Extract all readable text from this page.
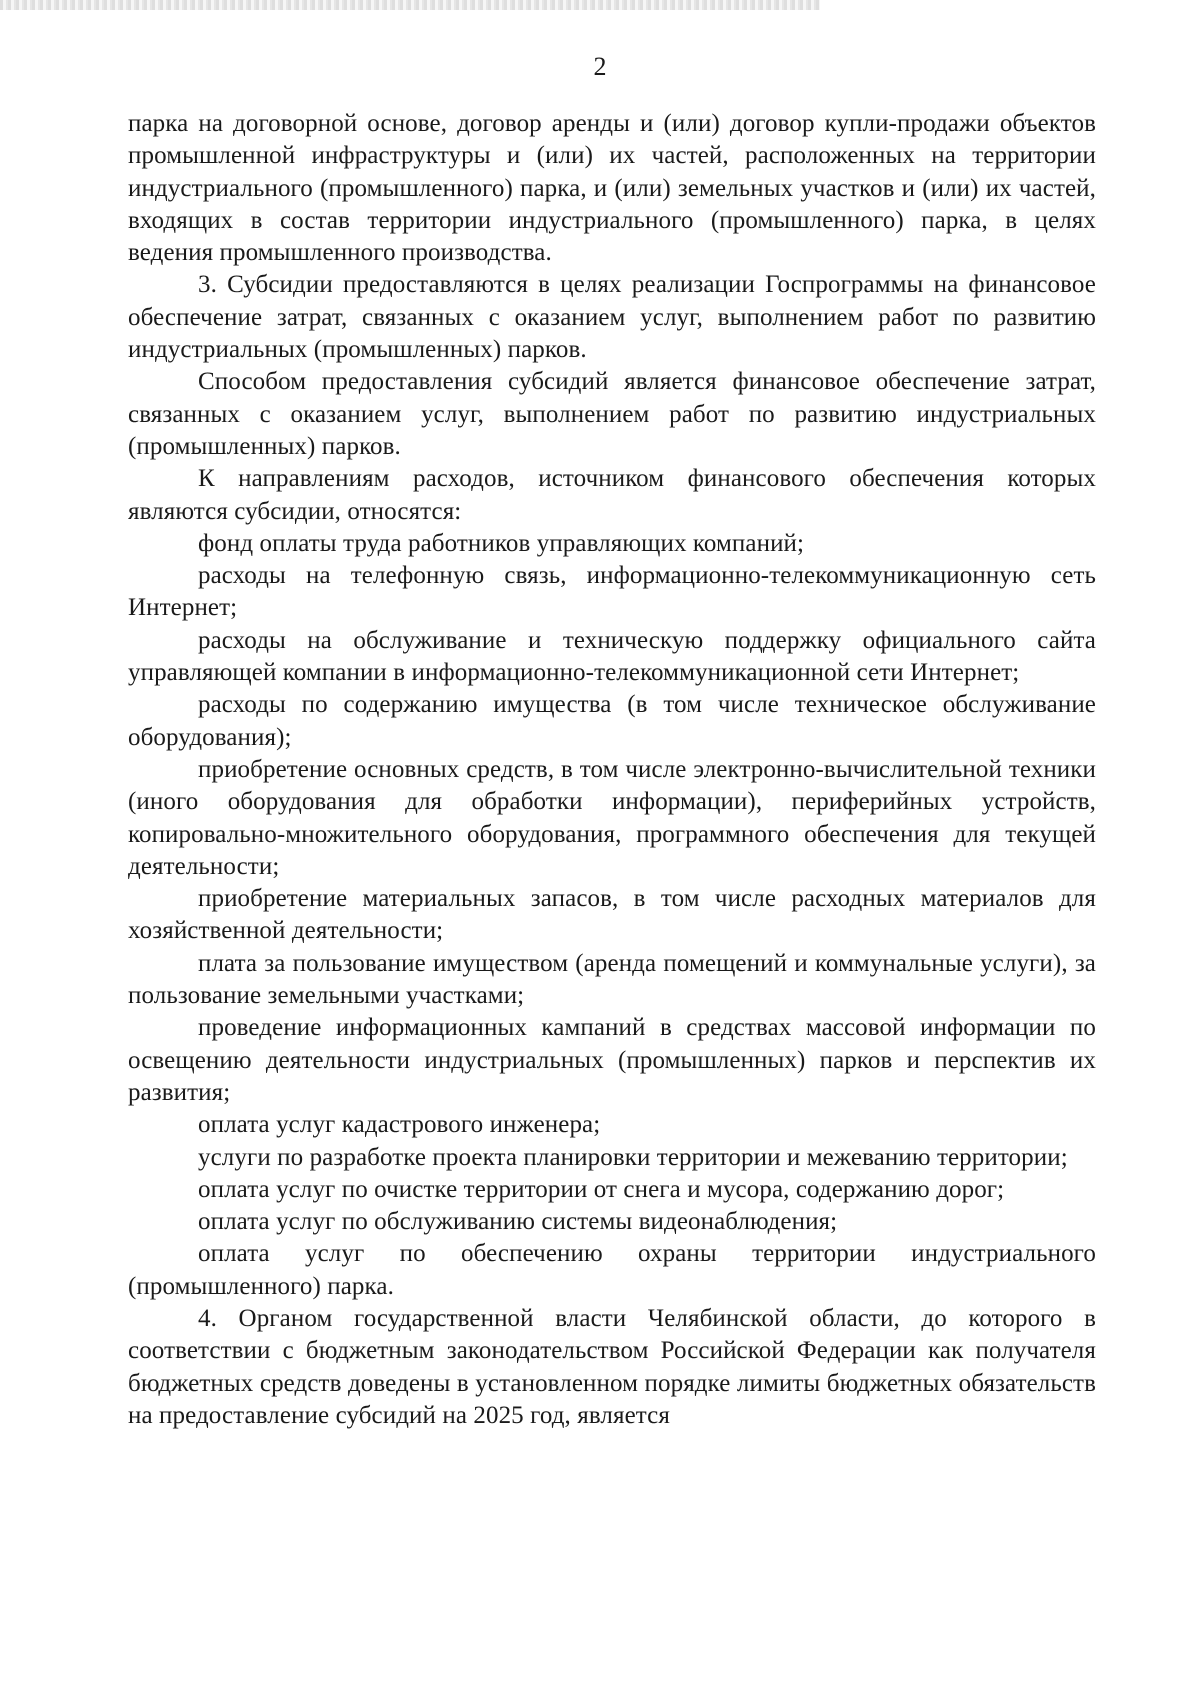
2

парка на договорной основе, договор аренды и (или) договор купли-продажи объектов промышленной инфраструктуры и (или) их частей, расположенных на территории индустриального (промышленного) парка, и (или) земельных участков и (или) их частей, входящих в состав территории индустриального (промышленного) парка, в целях ведения промышленного производства.

3. Субсидии предоставляются в целях реализации Госпрограммы на финансовое обеспечение затрат, связанных с оказанием услуг, выполнением работ по развитию индустриальных (промышленных) парков.

Способом предоставления субсидий является финансовое обеспечение затрат, связанных с оказанием услуг, выполнением работ по развитию индустриальных (промышленных) парков.

К направлениям расходов, источником финансового обеспечения которых являются субсидии, относятся:

фонд оплаты труда работников управляющих компаний;

расходы на телефонную связь, информационно-телекоммуникационную сеть Интернет;

расходы на обслуживание и техническую поддержку официального сайта управляющей компании в информационно-телекоммуникационной сети Интернет;

расходы по содержанию имущества (в том числе техническое обслуживание оборудования);

приобретение основных средств, в том числе электронно-вычислительной техники (иного оборудования для обработки информации), периферийных устройств, копировально-множительного оборудования, программного обеспечения для текущей деятельности;

приобретение материальных запасов, в том числе расходных материалов для хозяйственной деятельности;

плата за пользование имуществом (аренда помещений и коммунальные услуги), за пользование земельными участками;

проведение информационных кампаний в средствах массовой информации по освещению деятельности индустриальных (промышленных) парков и перспектив их развития;

оплата услуг кадастрового инженера;

услуги по разработке проекта планировки территории и межеванию территории;

оплата услуг по очистке территории от снега и мусора, содержанию дорог;

оплата услуг по обслуживанию системы видеонаблюдения;

оплата услуг по обеспечению охраны территории индустриального (промышленного) парка.

4. Органом государственной власти Челябинской области, до которого в соответствии с бюджетным законодательством Российской Федерации как получателя бюджетных средств доведены в установленном порядке лимиты бюджетных обязательств на предоставление субсидий на 2025 год, является
